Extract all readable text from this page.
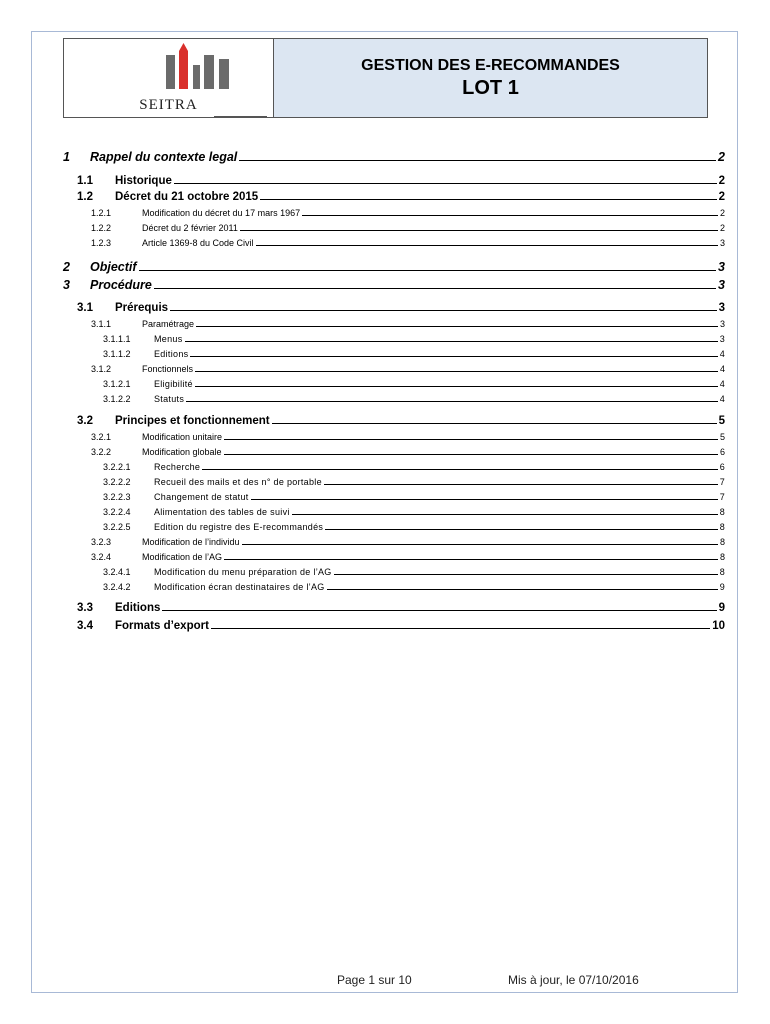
SEITRA
GESTION DES E-RECOMMANDES
LOT 1
1	Rappel du contexte legal	2
1.1	Historique	2
1.2	Décret du 21 octobre 2015	2
1.2.1	Modification du décret du 17 mars 1967	2
1.2.2	Décret du 2 février 2011	2
1.2.3	Article 1369-8 du Code Civil	3
2	Objectif	3
3	Procédure	3
3.1	Prérequis	3
3.1.1	Paramétrage	3
3.1.1.1	Menus	3
3.1.1.2	Editions	4
3.1.2	Fonctionnels	4
3.1.2.1	Eligibilité	4
3.1.2.2	Statuts	4
3.2	Principes et fonctionnement	5
3.2.1	Modification unitaire	5
3.2.2	Modification globale	6
3.2.2.1	Recherche	6
3.2.2.2	Recueil des mails et des n° de portable	7
3.2.2.3	Changement de statut	7
3.2.2.4	Alimentation des tables de suivi	8
3.2.2.5	Edition du registre des E-recommandés	8
3.2.3	Modification de l’individu	8
3.2.4	Modification de l’AG	8
3.2.4.1	Modification du menu préparation de l’AG	8
3.2.4.2	Modification écran destinataires de l’AG	9
3.3	Editions	9
3.4	Formats d’export	10
Page 1 sur 10	Mis à jour, le 07/10/2016
